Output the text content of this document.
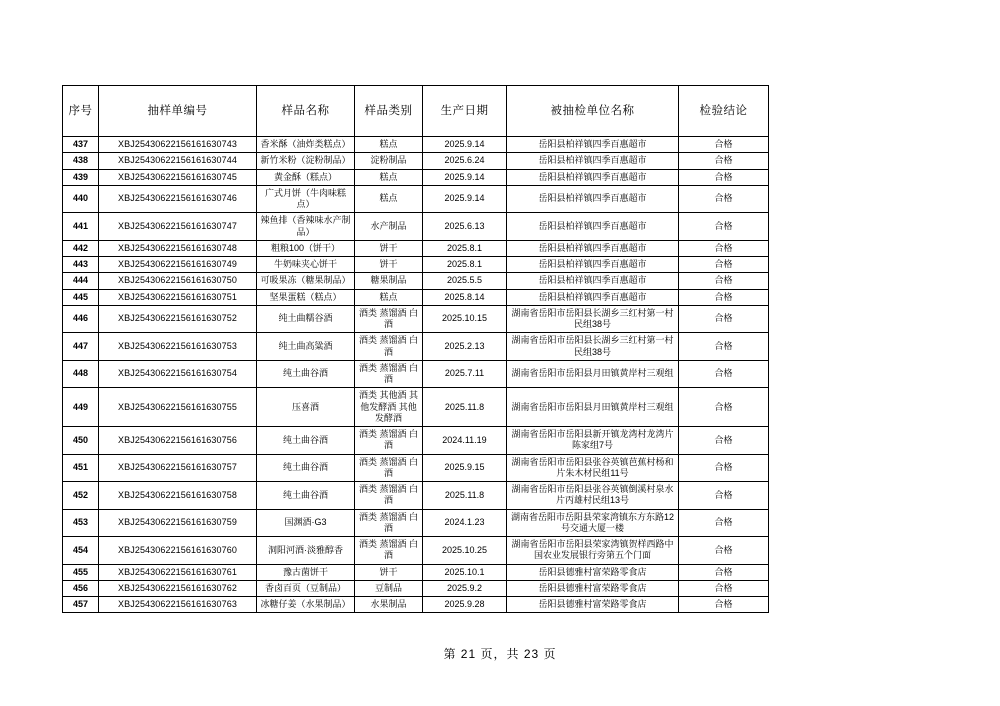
序号	抽样单编号	样品名称	样品类别	生产日期	被抽检单位名称	检验结论
437	XBJ25430622156161630743	香米酥（油炸类糕点）	糕点	2025.9.14	岳阳县柏祥镇四季百惠超市	合格
438	XBJ25430622156161630744	新竹米粉（淀粉制品）	淀粉制品	2025.6.24	岳阳县柏祥镇四季百惠超市	合格
439	XBJ25430622156161630745	黄金酥（糕点）	糕点	2025.9.14	岳阳县柏祥镇四季百惠超市	合格
440	XBJ25430622156161630746	广式月饼（牛肉味糕点）	糕点	2025.9.14	岳阳县柏祥镇四季百惠超市	合格
441	XBJ25430622156161630747	辣鱼排（香辣味水产制品）	水产制品	2025.6.13	岳阳县柏祥镇四季百惠超市	合格
442	XBJ25430622156161630748	粗粮100（饼干）	饼干	2025.8.1	岳阳县柏祥镇四季百惠超市	合格
443	XBJ25430622156161630749	牛奶味夹心饼干	饼干	2025.8.1	岳阳县柏祥镇四季百惠超市	合格
444	XBJ25430622156161630750	可吸果冻（糖果制品）	糖果制品	2025.5.5	岳阳县柏祥镇四季百惠超市	合格
445	XBJ25430622156161630751	坚果蛋糕（糕点）	糕点	2025.8.14	岳阳县柏祥镇四季百惠超市	合格
446	XBJ25430622156161630752	纯土曲糯谷酒	酒类 蒸馏酒 白酒	2025.10.15	湖南省岳阳市岳阳县长湖乡三红村第一村民组38号	合格
447	XBJ25430622156161630753	纯土曲高粱酒	酒类 蒸馏酒 白酒	2025.2.13	湖南省岳阳市岳阳县长湖乡三红村第一村民组38号	合格
448	XBJ25430622156161630754	纯土曲谷酒	酒类 蒸馏酒 白酒	2025.7.11	湖南省岳阳市岳阳县月田镇黄岸村三观组	合格
449	XBJ25430622156161630755	压喜酒	酒类 其他酒 其他发酵酒 其他发酵酒	2025.11.8	湖南省岳阳市岳阳县月田镇黄岸村三观组	合格
450	XBJ25430622156161630756	纯土曲谷酒	酒类 蒸馏酒 白酒	2024.11.19	湖南省岳阳市岳阳县新开镇龙湾村龙湾片陈家组7号	合格
451	XBJ25430622156161630757	纯土曲谷酒	酒类 蒸馏酒 白酒	2025.9.15	湖南省岳阳市岳阳县张谷英镇芭蕉村杨和片朱木材民组11号	合格
452	XBJ25430622156161630758	纯土曲谷酒	酒类 蒸馏酒 白酒	2025.11.8	湖南省岳阳市岳阳县张谷英镇倒溪村泉水片丙雄村民组13号	合格
453	XBJ25430622156161630759	国渊酒·G3	酒类 蒸馏酒 白酒	2024.1.23	湖南省岳阳市岳阳县荣家湾镇东方东路12号交通大厦一楼	合格
454	XBJ25430622156161630760	洞阳河酒·淡雅醇香	酒类 蒸馏酒 白酒	2025.10.25	湖南省岳阳市岳阳县荣家湾镇贺样西路中国农业发展银行旁第五个门面	合格
455	XBJ25430622156161630761	豫古菌饼干	饼干	2025.10.1	岳阳县德雅村富荣路零食店	合格
456	XBJ25430622156161630762	香卤百页（豆制品）	豆制品	2025.9.2	岳阳县德雅村富荣路零食店	合格
457	XBJ25430622156161630763	冰糖仔姜（水果制品）	水果制品	2025.9.28	岳阳县德雅村富荣路零食店	合格
第 21 页，共 23 页
